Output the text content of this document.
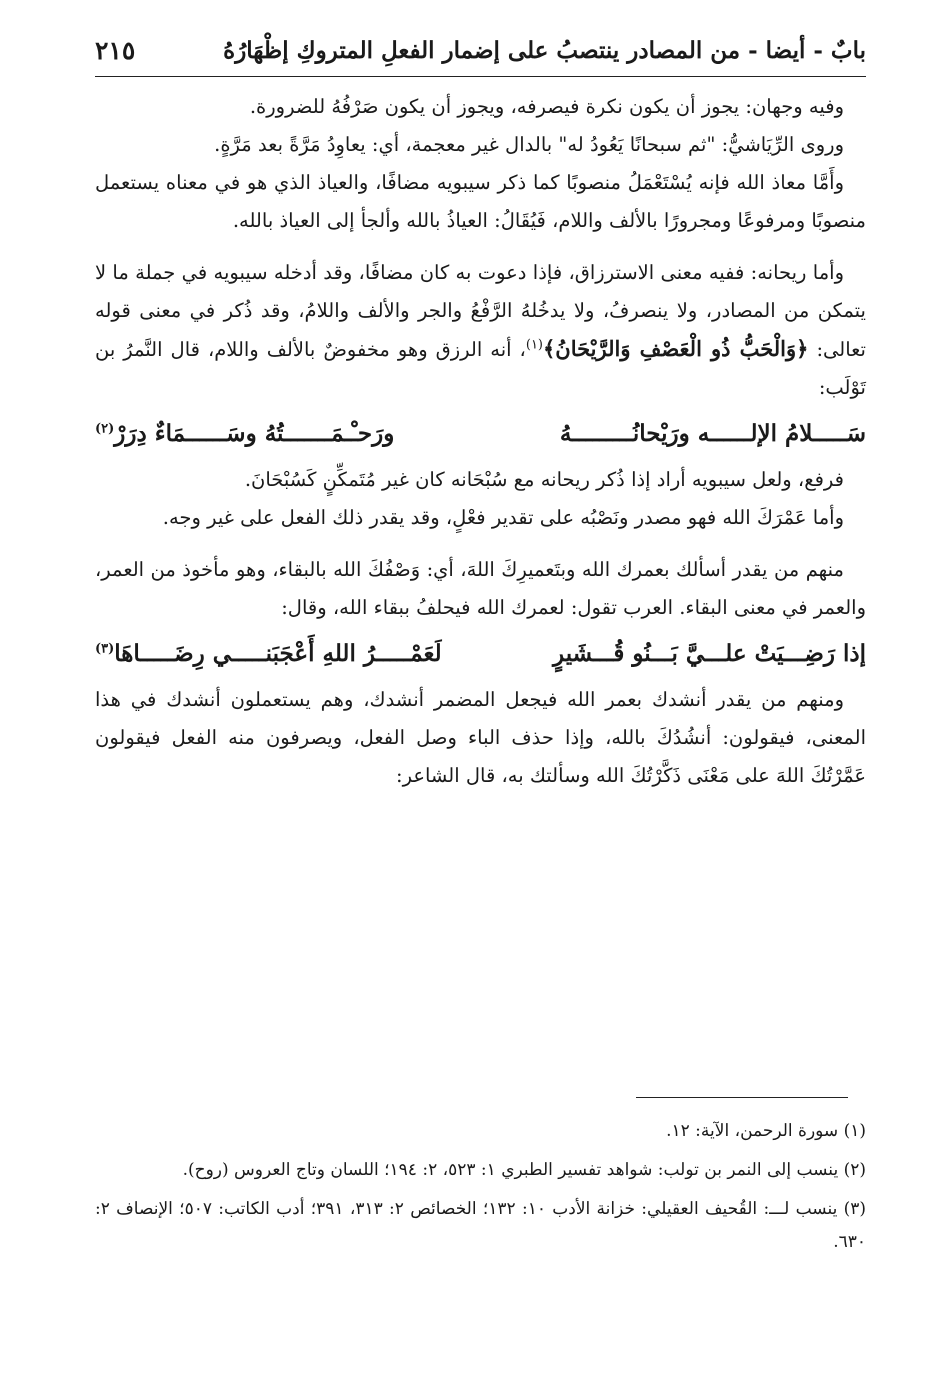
بابٌ - أيضا - من المصادر ينتصبُ على إضمار الفعلِ المتروكِ إظْهَارُهُ
٢١٥

وفيه وجهان: يجوز أن يكون نكرة فيصرفه، ويجوز أن يكون صَرْفُهُ للضرورة.

وروى الرِّيَاشيُّ: "ثم سبحانًا يَعُودُ له" بالدال غير معجمة، أي: يعاوِدُ مَرَّةً بعد مَرَّةٍ.

وأَمَّا معاذ الله فإنه يُسْتَعْمَلُ منصوبًا كما ذكر سيبويه مضافًا، والعياذ الذي هو في معناه يستعمل منصوبًا ومرفوعًا ومجرورًا بالألف واللام، فَيُقَالُ: العياذُ بالله وألجأ إلى العياذ بالله.

وأما ريحانه: ففيه معنى الاسترزاق، فإذا دعوت به كان مضافًا، وقد أدخله سيبويه في جملة ما لا يتمكن من المصادر، ولا ينصرفُ، ولا يدخُلهُ الرَّفْعُ والجر والألف واللامُ، وقد ذُكر في معنى قوله تعالى: ﴿وَالْحَبُّ ذُو الْعَصْفِ وَالرَّيْحَانُ﴾$^{(١)}$، أنه الرزق وهو مخفوضٌ بالألف واللام، قال النَّمرُ بن تَوْلَب:

سَـــــلامُ الإلــــــه ورَيْحانُـــــــــهُ
ورَحـْـمَـــــــتُهُ وسَــــــمَاءٌ دِرَرْ$^{(٢)}$

فرفع، ولعل سيبويه أراد إذا ذُكر ريحانه مع سُبْحَانه كان غير مُتَمكِّنٍ كَسُبْحَانَ.

وأما عَمْرَكَ الله فهو مصدر ونَصْبُه على تقدير فعْلٍ، وقد يقدر ذلك الفعل على غير وجه.

منهم من يقدر أسألك بعمرك الله وبتَعميرِكَ اللهَ، أي: وَصْفُكَ الله بالبقاء، وهو مأخوذ من العمر، والعمر في معنى البقاء. العرب تقول: لعمرك الله فيحلفُ ببقاء الله، وقال:

إذا رَضِـــيَتْ علـــيَّ بَـــنُو قُـــشَيرٍ
لَعَمْـــــرُ اللهِ أَعْجَبَنـــــي رِضَـــــاهَا$^{(٣)}$

ومنهم من يقدر أنشدك بعمر الله فيجعل المضمر أنشدك، وهم يستعملون أنشدك في هذا المعنى، فيقولون: أنشُدُكَ بالله، وإذا حذف الباء وصل الفعل، ويصرفون منه الفعل فيقولون عَمَّرْتُكَ اللهَ على مَعْنَى ذَكَّرْتُكَ الله وسألتك به، قال الشاعر:

(١) سورة الرحمن، الآية: ١٢.

(٢) ينسب إلى النمر بن تولب: شواهد تفسير الطبري ١: ٥٢٣، ٢: ١٩٤؛ اللسان وتاج العروس (روح).

(٣) ينسب لـــ: القُحيف العقيلي: خزانة الأدب ١٠: ١٣٢؛ الخصائص ٢: ٣١٣، ٣٩١؛ أدب الكاتب: ٥٠٧؛ الإنصاف ٢: ٦٣٠.
